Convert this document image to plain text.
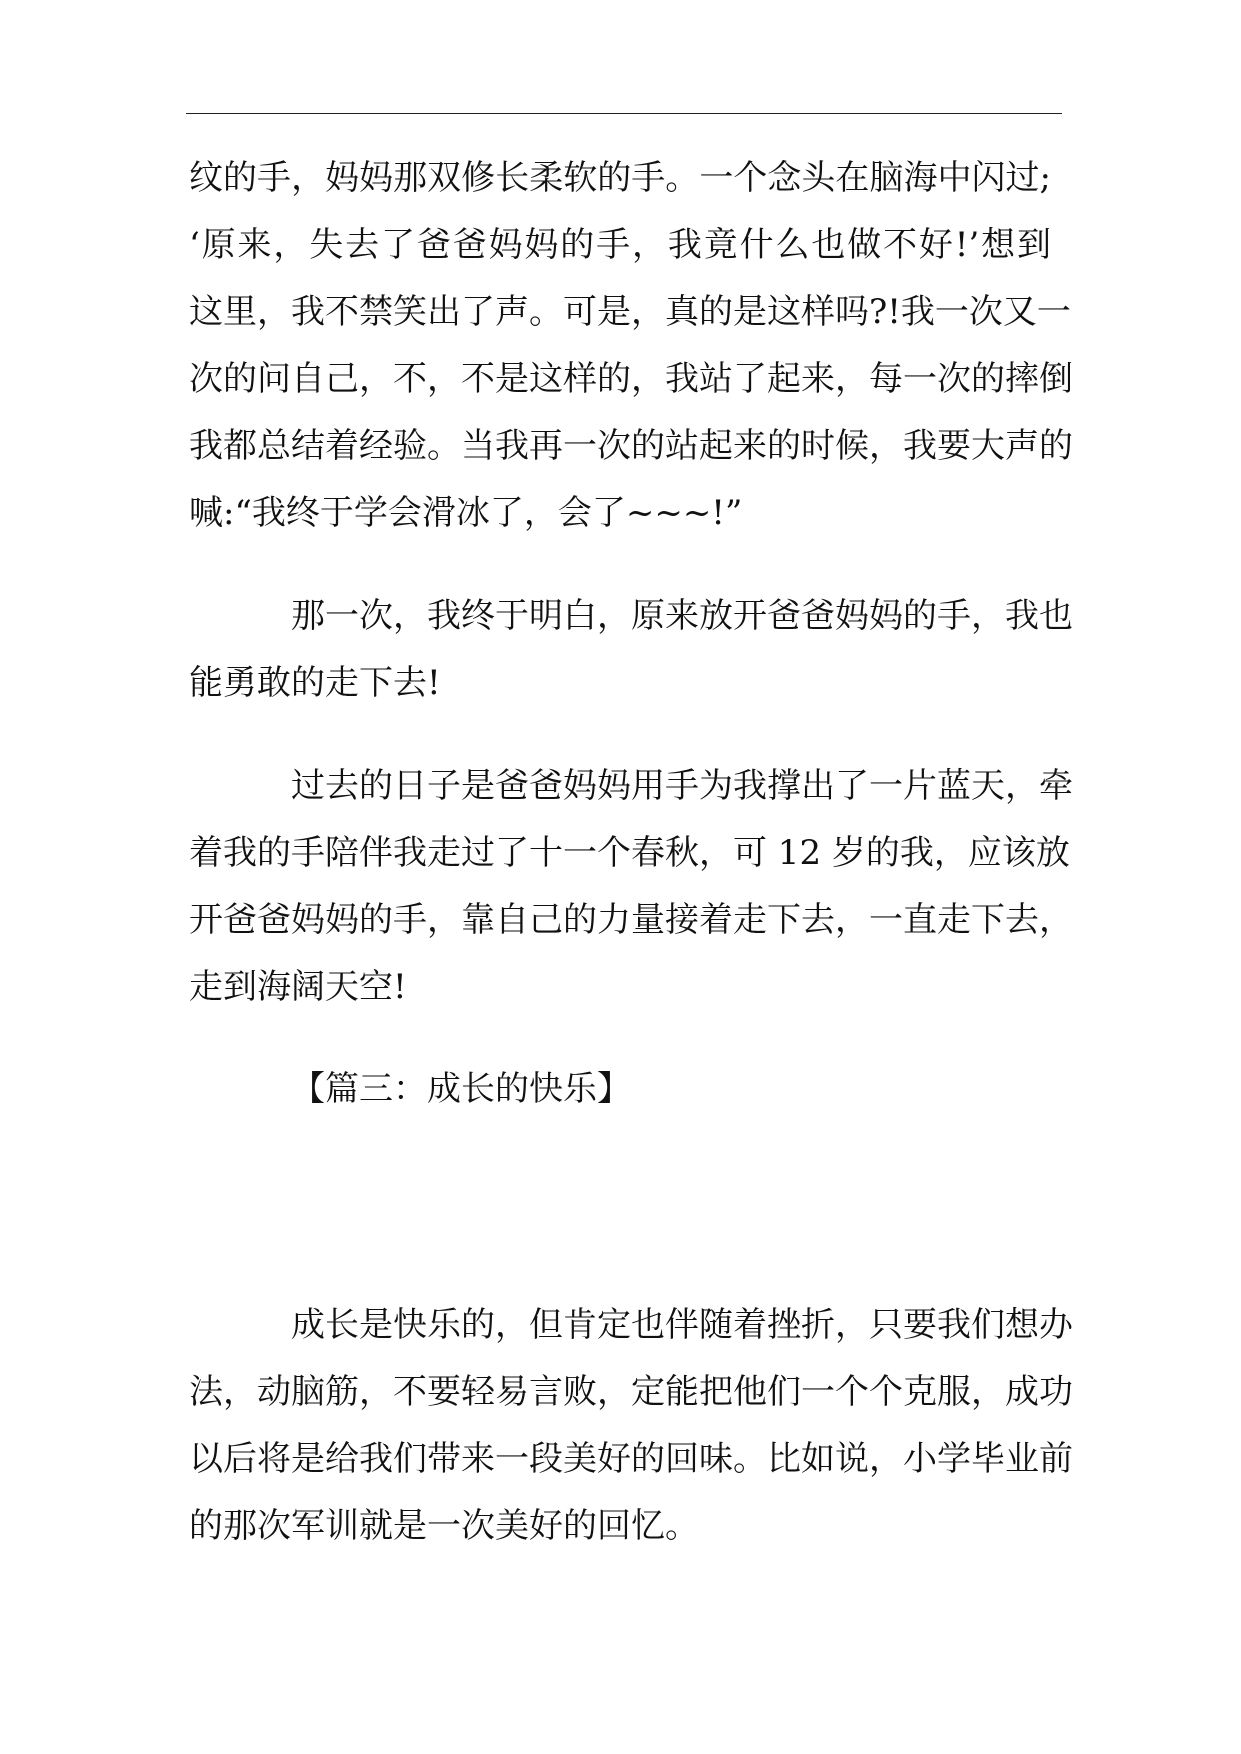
纹的手，妈妈那双修长柔软的手。一个念头在脑海中闪过;
‘原来，失去了爸爸妈妈的手，我竟什么也做不好!’想到
这里，我不禁笑出了声。可是，真的是这样吗?!我一次又一
次的问自己，不，不是这样的，我站了起来，每一次的摔倒
我都总结着经验。当我再一次的站起来的时候，我要大声的
喊:“我终于学会滑冰了，会了~~~!”
那一次，我终于明白，原来放开爸爸妈妈的手，我也
能勇敢的走下去!
过去的日子是爸爸妈妈用手为我撑出了一片蓝天，牵
着我的手陪伴我走过了十一个春秋，可 12 岁的我，应该放
开爸爸妈妈的手，靠自己的力量接着走下去，一直走下去，
走到海阔天空!
【篇三：成长的快乐】
成长是快乐的，但肯定也伴随着挫折，只要我们想办
法，动脑筋，不要轻易言败，定能把他们一个个克服，成功
以后将是给我们带来一段美好的回味。比如说，小学毕业前
的那次军训就是一次美好的回忆。
